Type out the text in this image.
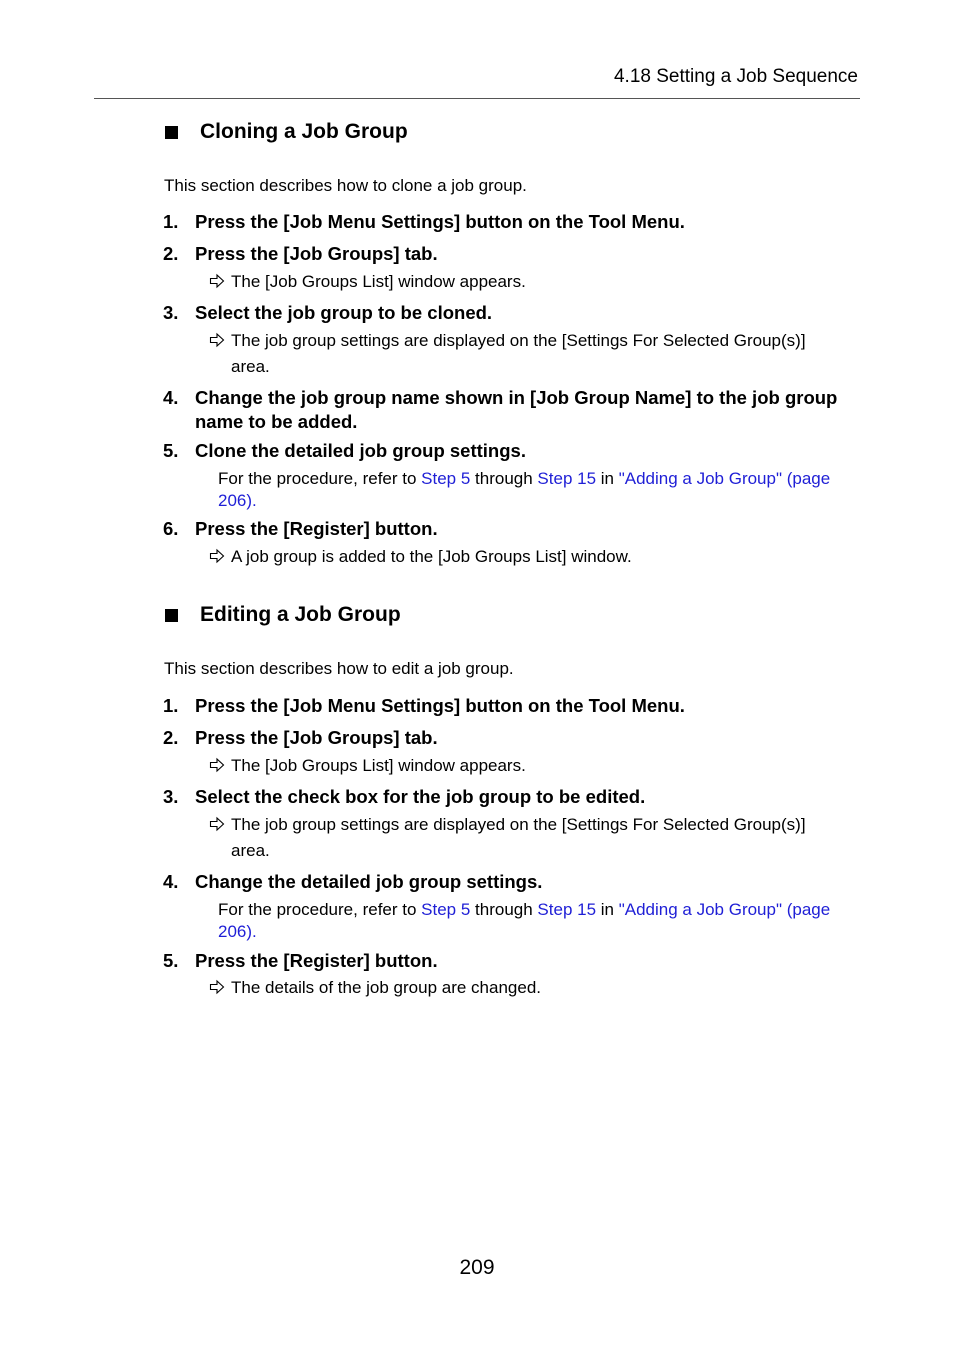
4.18 Setting a Job Sequence
Cloning a Job Group
This section describes how to clone a job group.
1. Press the [Job Menu Settings] button on the Tool Menu.
2. Press the [Job Groups] tab.
The [Job Groups List] window appears.
3. Select the job group to be cloned.
The job group settings are displayed on the [Settings For Selected Group(s)]
area.
4. Change the job group name shown in [Job Group Name] to the job group
name to be added.
5. Clone the detailed job group settings.
For the procedure, refer to Step 5 through Step 15 in "Adding a Job Group" (page
206).
6. Press the [Register] button.
A job group is added to the [Job Groups List] window.
Editing a Job Group
This section describes how to edit a job group.
1. Press the [Job Menu Settings] button on the Tool Menu.
2. Press the [Job Groups] tab.
The [Job Groups List] window appears.
3. Select the check box for the job group to be edited.
The job group settings are displayed on the [Settings For Selected Group(s)]
area.
4. Change the detailed job group settings.
For the procedure, refer to Step 5 through Step 15 in "Adding a Job Group" (page
206).
5. Press the [Register] button.
The details of the job group are changed.
209
